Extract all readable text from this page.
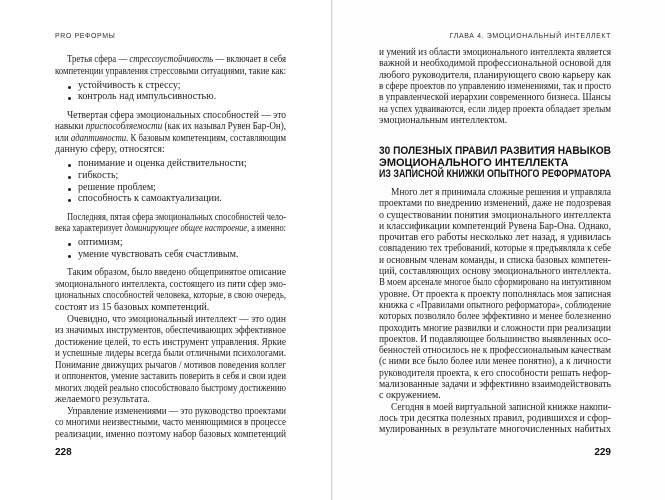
PRO РЕФОРМЫ
Третья сфера — стрессоустойчивость — включает в себя
компетенции управления стрессовыми ситуациями, такие как:
устойчивость к стрессу;
контроль над импульсивностью.
Четвертая сфера эмоциональных способностей — это
навыки приспособляемости (как их называл Рувен Бар-Он),
или адаптивности. К базовым компетенциям, составляющим
данную сферу, относятся:
понимание и оценка действительности;
гибкость;
решение проблем;
способность к самоактуализации.
Последняя, пятая сфера эмоциональных способностей чело-
века характеризует доминирующее общее настроение, а именно:
оптимизм;
умение чувствовать себя счастливым.
Таким образом, было введено общепринятое описание
эмоционального интеллекта, состоящего из пяти сфер эмо-
циональных способностей человека, которые, в свою очередь,
состоят из 15 базовых компетенций.
Очевидно, что эмоциональный интеллект — это один
из значимых инструментов, обеспечивающих эффективное
достижение целей, то есть инструмент управления. Яркие
и успешные лидеры всегда были отличными психологами.
Понимание движущих рычагов / мотивов поведения коллег
и оппонентов, умение заставить поверить в себя и свои идеи
многих людей реально способствовало быстрому достижению
желаемого результата.
Управление изменениями — это руководство проектами
со многими неизвестными, часто меняющимися в процессе
реализации, именно поэтому набор базовых компетенций
228
ГЛАВА 4. ЭМОЦИОНАЛЬНЫЙ ИНТЕЛЛЕКТ
и умений из области эмоционального интеллекта является
важной и необходимой профессиональной основой для
любого руководителя, планирующего свою карьеру как
в сфере проектов по управлению изменениями, так и просто
в управленческой иерархии современного бизнеса. Шансы
на успех удваиваются, если лидер проекта обладает зрелым
эмоциональным интеллектом.
30 ПОЛЕЗНЫХ ПРАВИЛ РАЗВИТИЯ НАВЫКОВ
ЭМОЦИОНАЛЬНОГО ИНТЕЛЛЕКТА
ИЗ ЗАПИСНОЙ КНИЖКИ ОПЫТНОГО РЕФОРМАТОРА
Много лет я принимала сложные решения и управляла
проектами по внедрению изменений, даже не подозревая
о существовании понятия эмоционального интеллекта
и классификации компетенций Рувена Бар-Она. Однако,
прочитав его работы несколько лет назад, я удивилась
совпадению тех требований, которые я предъявляла к себе
и основным членам команды, и списка базовых компетен-
ций, составляющих основу эмоционального интеллекта.
В моем арсенале многое было сформировано на интуитивном
уровне. От проекта к проекту пополнялась моя записная
книжка с «Правилами опытного реформатора», соблюдение
которых позволяло более эффективно и менее болезненно
проходить многие развилки и сложности при реализации
проектов. И подавляющее большинство выявленных осо-
бенностей относилось не к профессиональным качествам
(с ними все было более или менее понятно), а к личности
руководителя проекта, к его способности решать нефор-
мализованные задачи и эффективно взаимодействовать
с окружением.
Сегодня в моей виртуальной записной книжке накопи-
лось три десятка полезных правил, родившихся и сфор-
мулированных в результате многочисленных набитых
229
